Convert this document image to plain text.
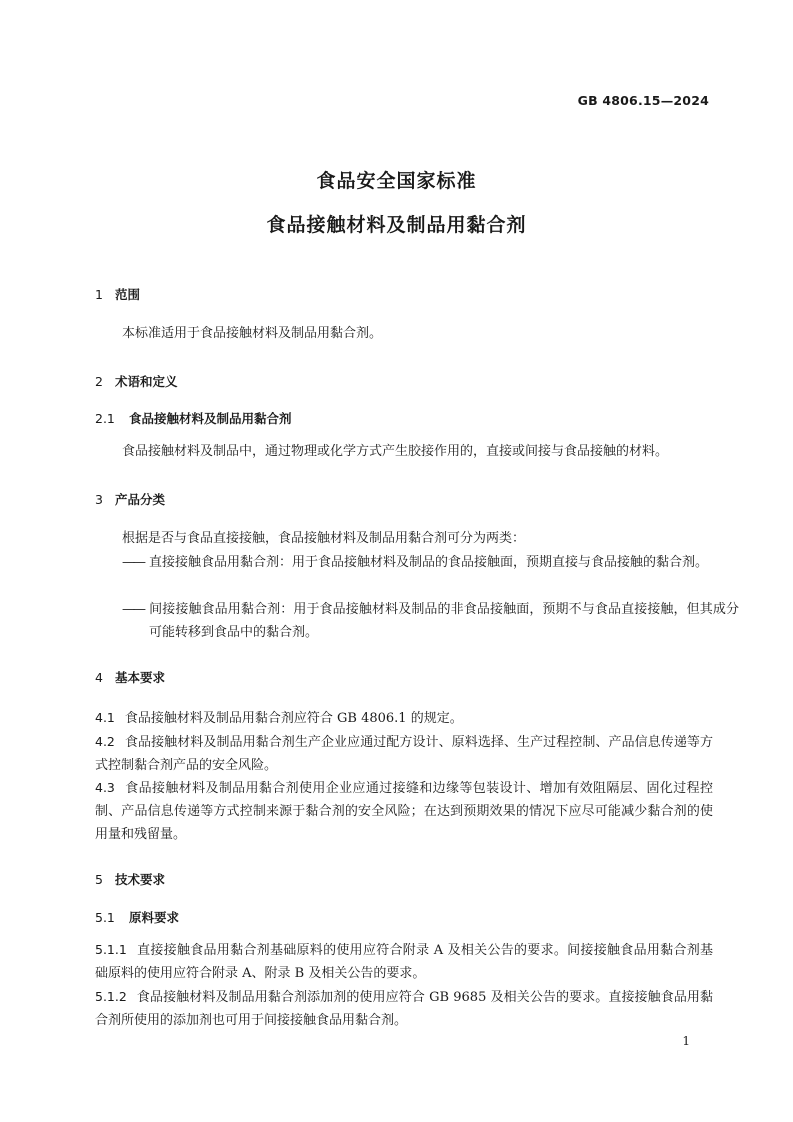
GB 4806.15—2024
食品安全国家标准
食品接触材料及制品用黏合剂
1 范围
本标准适用于食品接触材料及制品用黏合剂。
2 术语和定义
2.1 食品接触材料及制品用黏合剂
食品接触材料及制品中，通过物理或化学方式产生胶接作用的，直接或间接与食品接触的材料。
3 产品分类
根据是否与食品直接接触，食品接触材料及制品用黏合剂可分为两类：
—— 直接接触食品用黏合剂：用于食品接触材料及制品的食品接触面，预期直接与食品接触的黏合剂。
—— 间接接触食品用黏合剂：用于食品接触材料及制品的非食品接触面，预期不与食品直接接触，但其成分可能转移到食品中的黏合剂。
4 基本要求
4.1 食品接触材料及制品用黏合剂应符合 GB 4806.1 的规定。
4.2 食品接触材料及制品用黏合剂生产企业应通过配方设计、原料选择、生产过程控制、产品信息传递等方式控制黏合剂产品的安全风险。
4.3 食品接触材料及制品用黏合剂使用企业应通过接缝和边缘等包装设计、增加有效阻隔层、固化过程控制、产品信息传递等方式控制来源于黏合剂的安全风险；在达到预期效果的情况下应尽可能减少黏合剂的使用量和残留量。
5 技术要求
5.1 原料要求
5.1.1 直接接触食品用黏合剂基础原料的使用应符合附录 A 及相关公告的要求。间接接触食品用黏合剂基础原料的使用应符合附录 A、附录 B 及相关公告的要求。
5.1.2 食品接触材料及制品用黏合剂添加剂的使用应符合 GB 9685 及相关公告的要求。直接接触食品用黏合剂所使用的添加剂也可用于间接接触食品用黏合剂。
1
